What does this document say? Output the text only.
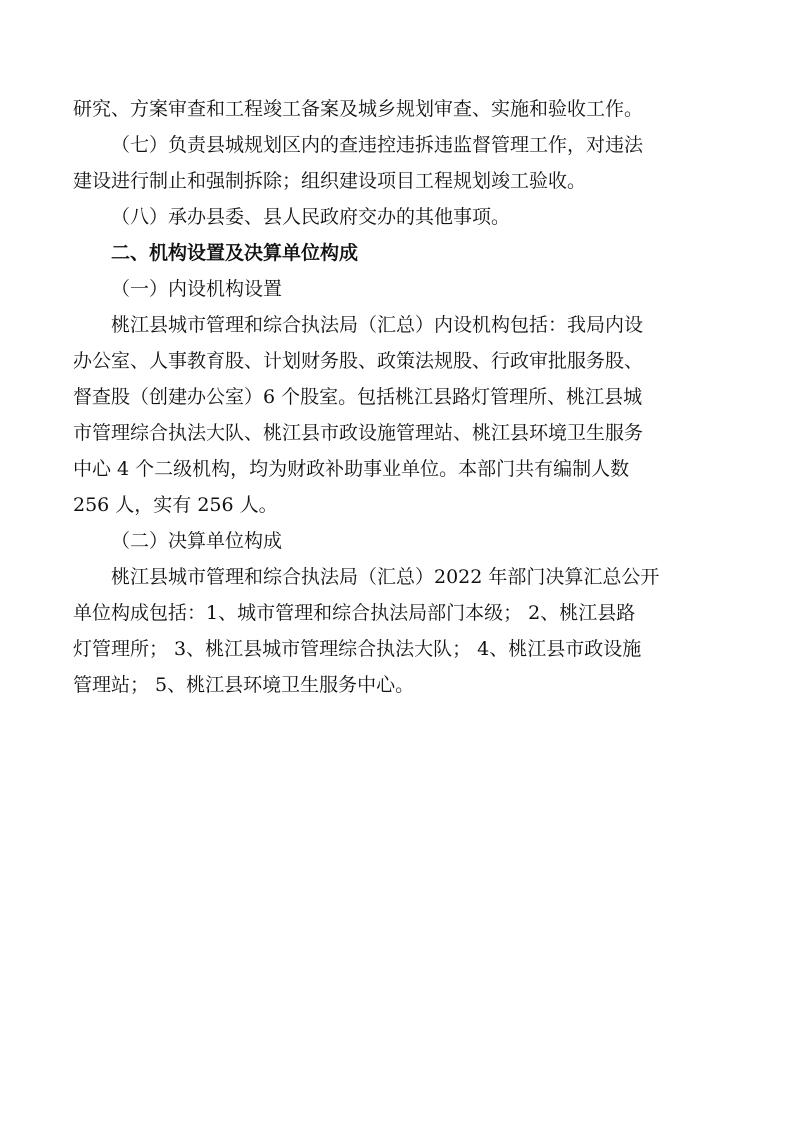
研究、方案审查和工程竣工备案及城乡规划审查、实施和验收工作。
（七）负责县城规划区内的查违控违拆违监督管理工作，对违法
建设进行制止和强制拆除；组织建设项目工程规划竣工验收。
（八）承办县委、县人民政府交办的其他事项。
二、机构设置及决算单位构成
（一）内设机构设置
桃江县城市管理和综合执法局（汇总）内设机构包括：我局内设
办公室、人事教育股、计划财务股、政策法规股、行政审批服务股、
督查股（创建办公室）6 个股室。包括桃江县路灯管理所、桃江县城
市管理综合执法大队、桃江县市政设施管理站、桃江县环境卫生服务
中心 4 个二级机构，均为财政补助事业单位。本部门共有编制人数
256 人，实有 256 人。
（二）决算单位构成
桃江县城市管理和综合执法局（汇总）2022 年部门决算汇总公开
单位构成包括：1、城市管理和综合执法局部门本级； 2、桃江县路
灯管理所； 3、桃江县城市管理综合执法大队； 4、桃江县市政设施
管理站； 5、桃江县环境卫生服务中心。
